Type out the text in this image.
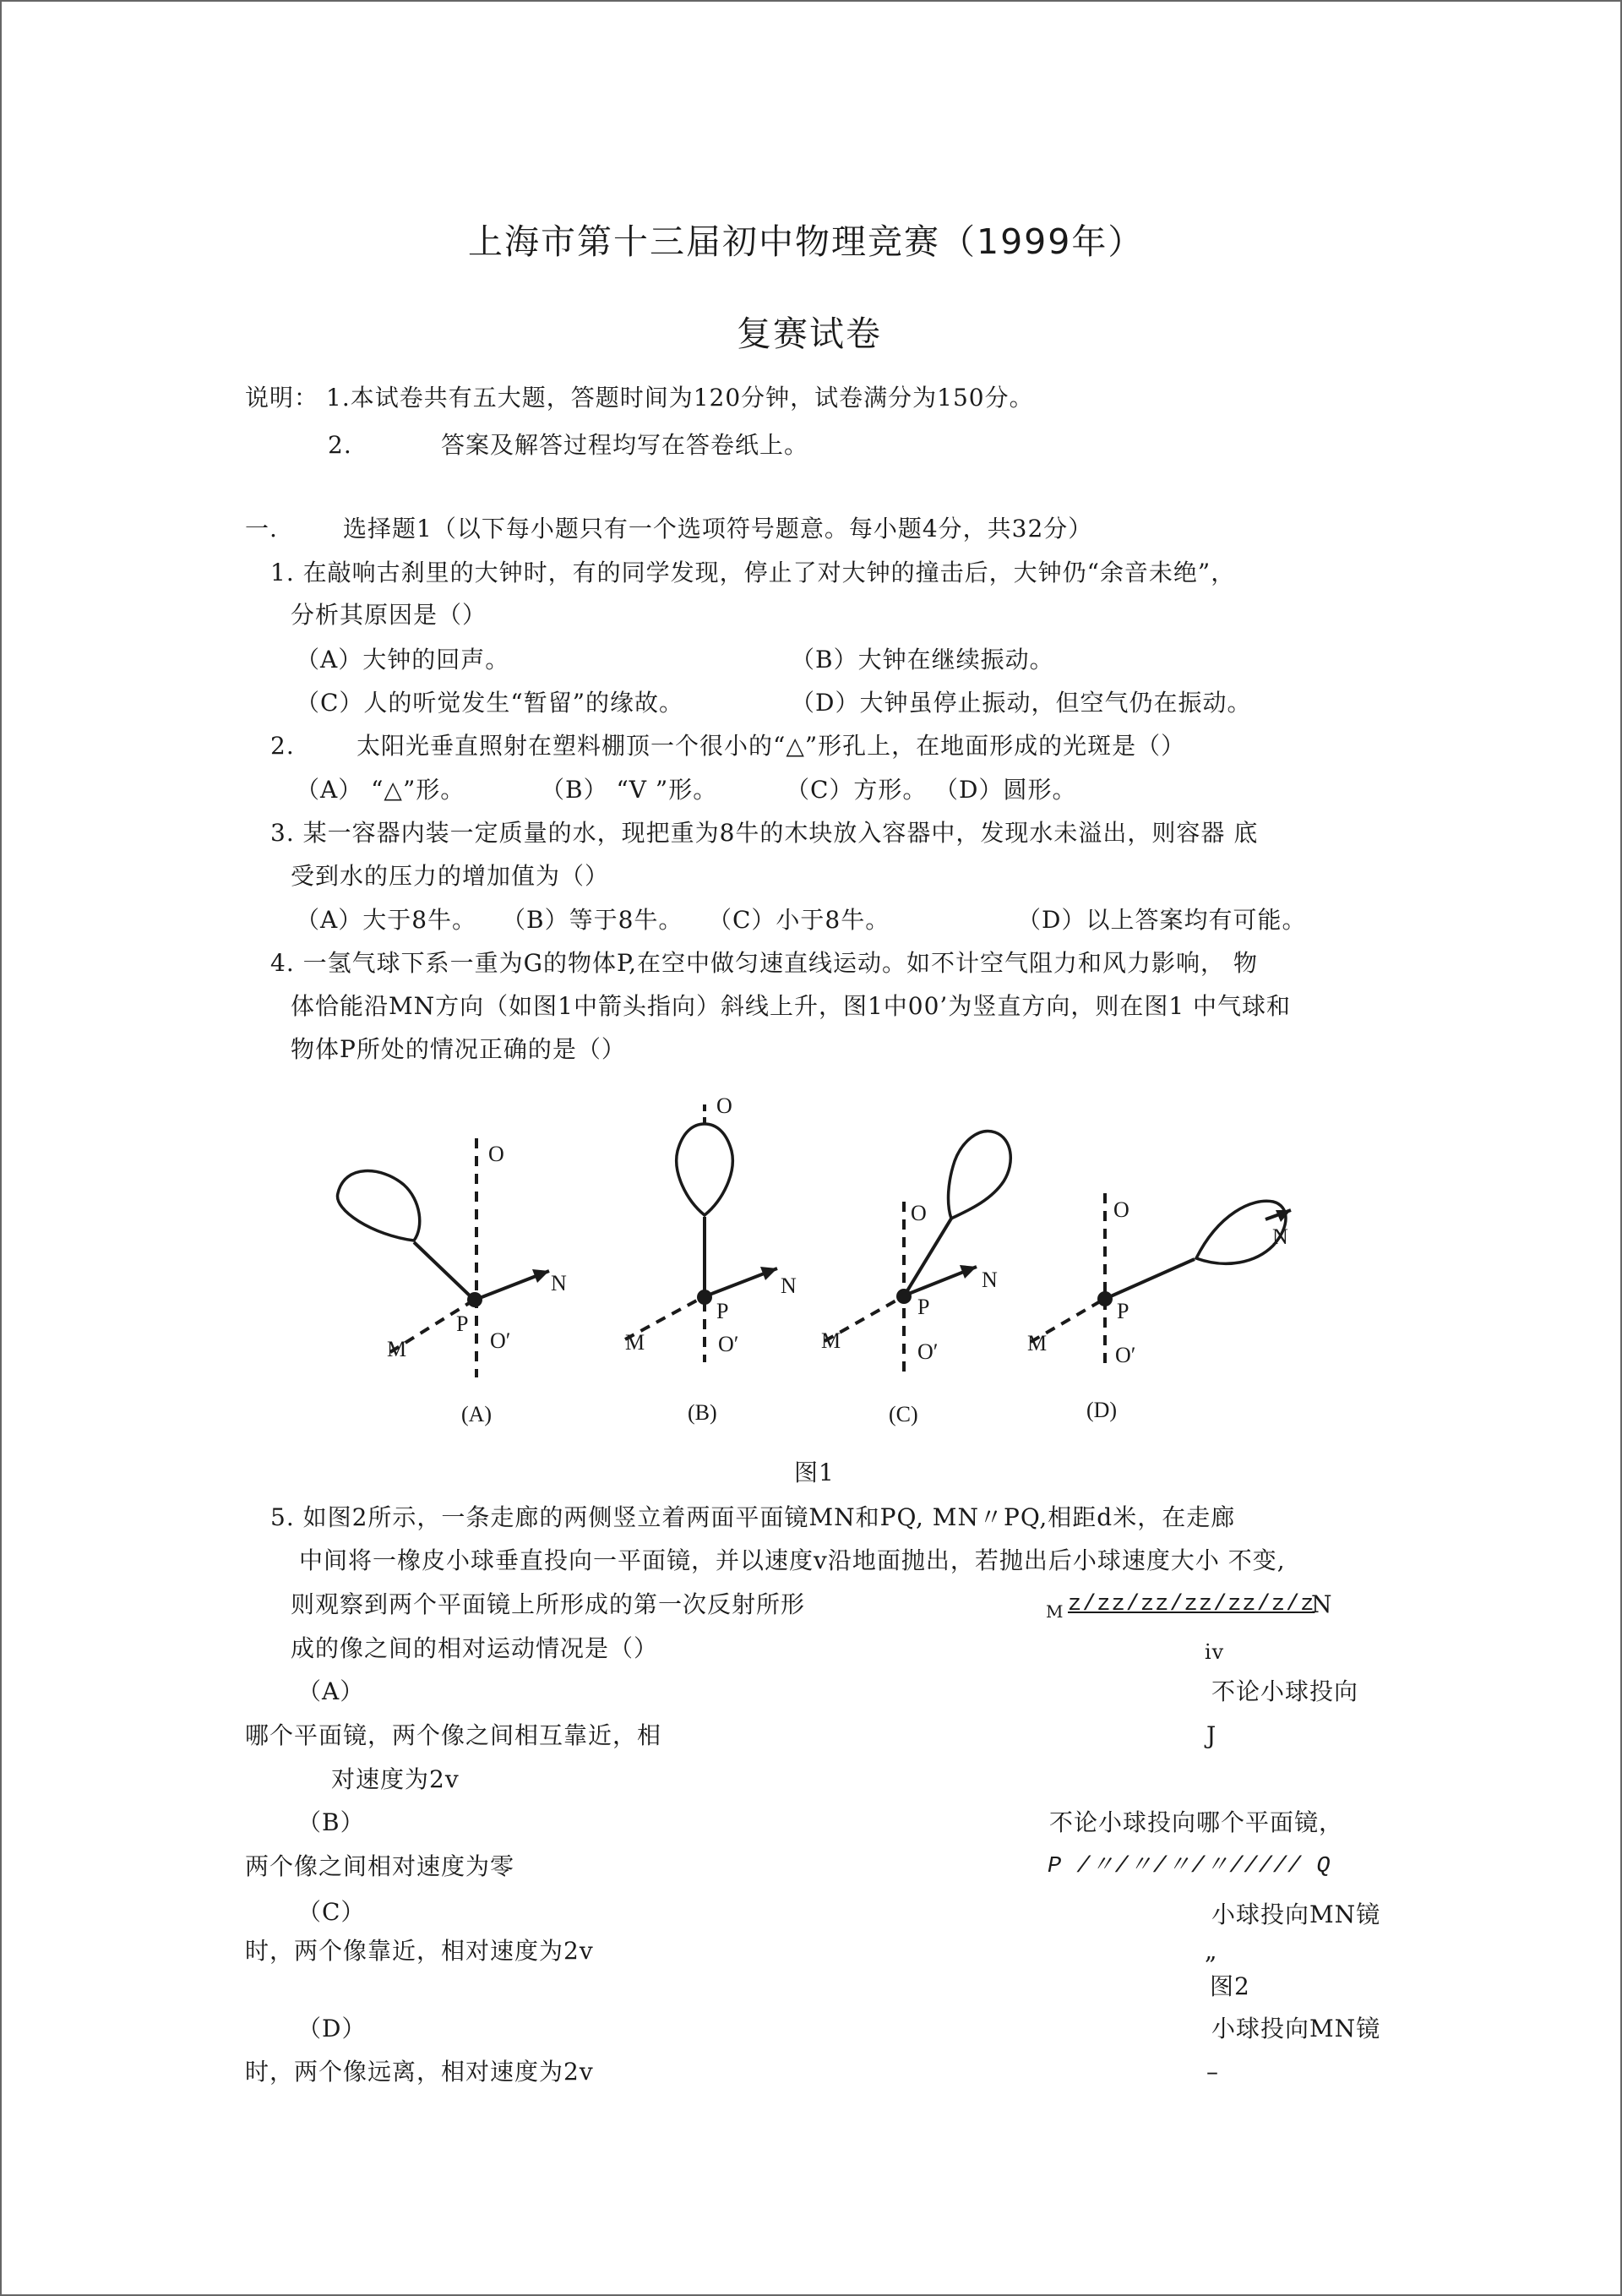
上海市第十三届初中物理竞赛（1999年）
复赛试卷
说明： 1.本试卷共有五大题，答题时间为120分钟，试卷满分为150分。
2.	答案及解答过程均写在答卷纸上。
一.	选择题1（以下每小题只有一个选项符号题意。每小题4分，共32分）
1. 在敲响古刹里的大钟时，有的同学发现，停止了对大钟的撞击后，大钟仍“余音未绝”，
分析其原因是（）
（A）大钟的回声。	（B）大钟在继续振动。
（C）人的听觉发生“暂留”的缘故。	（D）大钟虽停止振动，但空气仍在振动。
2.	太阳光垂直照射在塑料棚顶一个很小的“△”形孔上，在地面形成的光斑是（）
（A） “△”形。	（B） “V ”形。	（C）方形。 （D）圆形。
3. 某一容器内装一定质量的水，现把重为8牛的木块放入容器中，发现水未溢出，则容器 底
受到水的压力的增加值为（）
（A）大于8牛。 （B）等于8牛。 （C）小于8牛。	（D）以上答案均有可能。
4. 一氢气球下系一重为G的物体P,在空中做匀速直线运动。如不计空气阻力和风力影响， 物
体恰能沿MN方向（如图1中箭头指向）斜线上升，图1中00’为竖直方向，则在图1 中气球和
物体P所处的情况正确的是（）
O
N
P
O′
M
O
N
P
O′
M
O
N
P
O′
M
O
N
P
O′
M
(A)	(B)	(C)	(D)
图1
5. 如图2所示，一条走廊的两侧竖立着两面平面镜MN和PQ, MN〃PQ,相距d米，在走廊
中间将一橡皮小球垂直投向一平面镜，并以速度v沿地面抛出，若抛出后小球速度大小 不变,
则观察到两个平面镜上所形成的第一次反射所形
成的像之间的相对运动情况是（）
（A）
哪个平面镜，两个像之间相互靠近，相
对速度为2v
（B）
两个像之间相对速度为零
（C）
时，两个像靠近，相对速度为2v
（D）
时，两个像远离，相对速度为2v
M z/zz/zz/zz/zz/z/z
N
iv
不论小球投向
J
不论小球投向哪个平面镜，
P /〃/〃/〃/〃///// Q
小球投向MN镜
„
图2
小球投向MN镜
–
